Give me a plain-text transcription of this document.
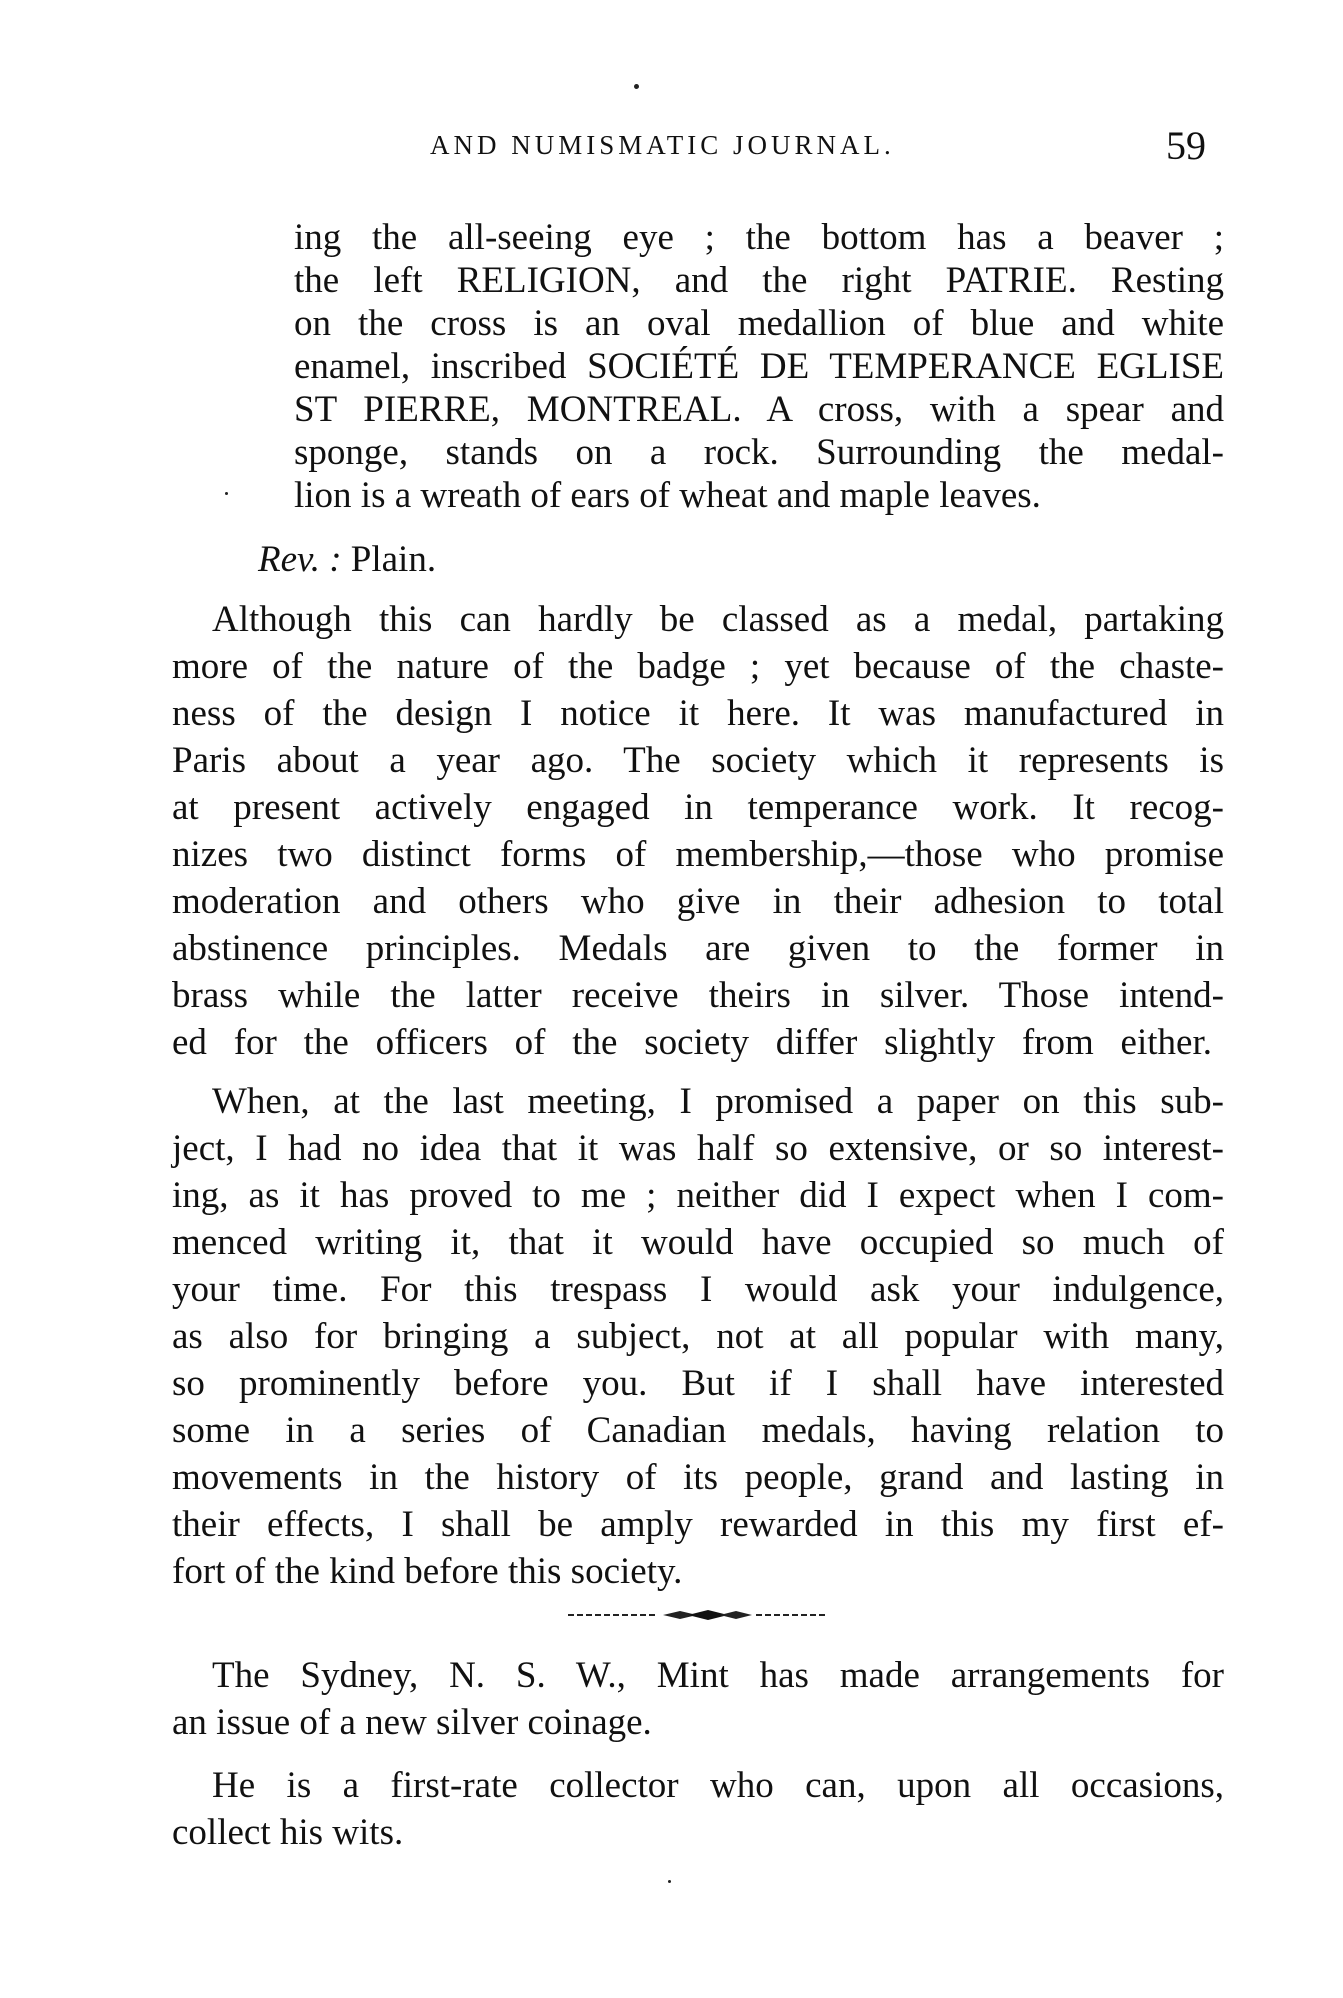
AND NUMISMATIC JOURNAL.	59
ing the all-seeing eye ; the bottom has a beaver ;
the left RELIGION, and the right PATRIE. Resting
on the cross is an oval medallion of blue and white
enamel, inscribed SOCIÉTÉ DE TEMPERANCE EGLISE
ST PIERRE, MONTREAL. A cross, with a spear and
sponge, stands on a rock. Surrounding the medal-
lion is a wreath of ears of wheat and maple leaves.
Rev. : Plain.
Although this can hardly be classed as a medal, partaking
more of the nature of the badge ; yet because of the chaste-
ness of the design I notice it here. It was manufactured in
Paris about a year ago. The society which it represents is
at present actively engaged in temperance work. It recog-
nizes two distinct forms of membership,—those who promise
moderation and others who give in their adhesion to total
abstinence principles. Medals are given to the former in
brass while the latter receive theirs in silver. Those intend-
ed for the officers of the society differ slightly from either.
When, at the last meeting, I promised a paper on this sub-
ject, I had no idea that it was half so extensive, or so interest-
ing, as it has proved to me ; neither did I expect when I com-
menced writing it, that it would have occupied so much of
your time. For this trespass I would ask your indulgence,
as also for bringing a subject, not at all popular with many,
so prominently before you. But if I shall have interested
some in a series of Canadian medals, having relation to
movements in the history of its people, grand and lasting in
their effects, I shall be amply rewarded in this my first ef-
fort of the kind before this society.
The Sydney, N. S. W., Mint has made arrangements for
an issue of a new silver coinage.
He is a first-rate collector who can, upon all occasions,
collect his wits.
